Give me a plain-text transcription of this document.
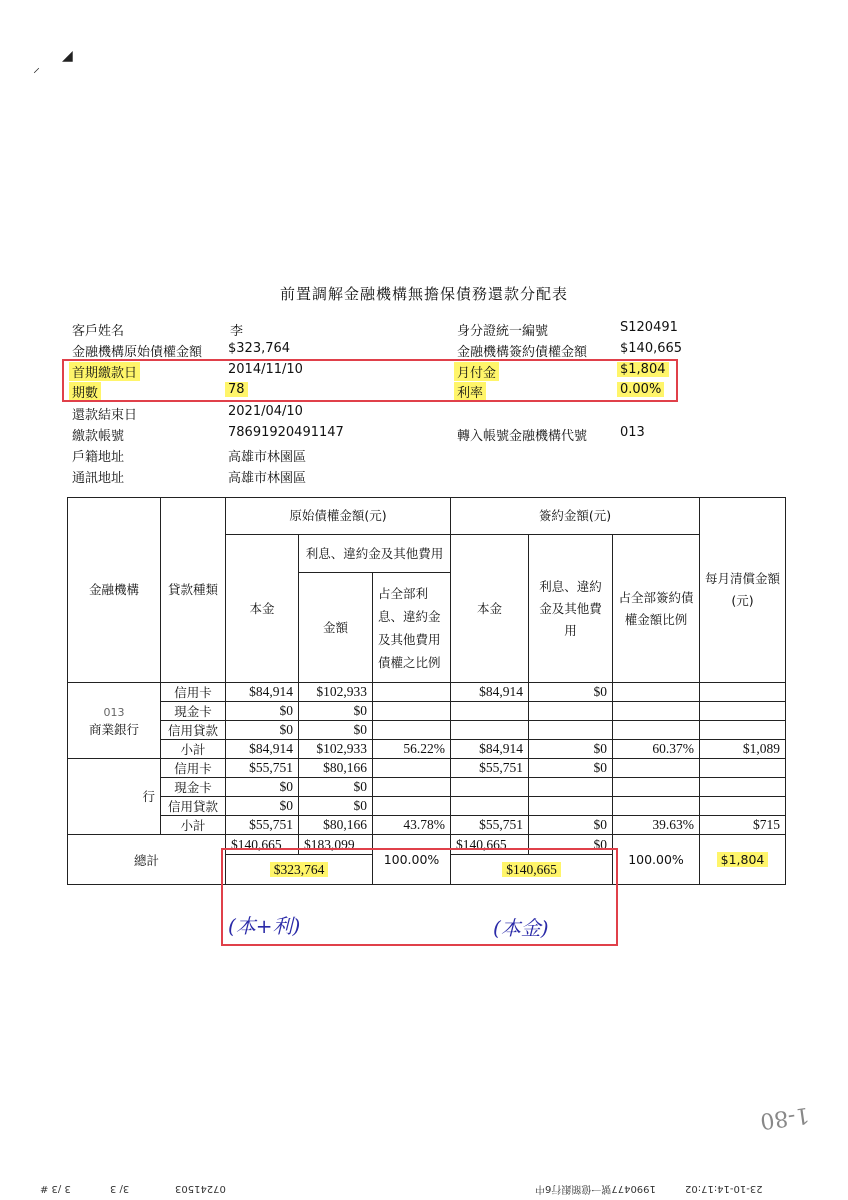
⸝
◢
前置調解金融機構無擔保債務還款分配表
客戶姓名	李	身分證統一編號	S120491
金融機構原始債權金額 $323,764	金融機構簽約債權金額	$140,665
首期繳款日	2014/11/10	月付金	$1,804
期數	78	利率	0.00%
還款結束日	2021/04/10
繳款帳號	78691920491147	轉入帳號金融機構代號	013
戶籍地址	高雄市林園區
通訊地址	高雄市林園區
金融機構	貸款種類	原始債權金額(元)			簽約金額(元)			每月清償金額(元)
		本金	利息、違約金及其他費用		本金	利息、違約金及其他費用	占全部簽約債權金額比例	
			金額	占全部利息、違約金及其他費用債權之比例				

013
商業銀行	信用卡	$84,914	$102,933		$84,914	$0		
	現金卡	$0	$0					
	信用貸款	$0	$0					
	小計	$84,914	$102,933	56.22%	$84,914	$0	60.37%	$1,089
行	信用卡	$55,751	$80,166		$55,751	$0		
	現金卡	$0	$0					
	信用貸款	$0	$0					
	小計	$55,751	$80,166	43.78%	$55,751	$0	39.63%	$715
總計		$140,665	$183,099	100.00%	$140,665	$0	100.00%	$1,804
		$323,764			$140,665			
(本+利)	(本金)
1-80
3 /3 #	3/ 3	07241503	1990477號一億額銀行6中	23-10-14:17:02
